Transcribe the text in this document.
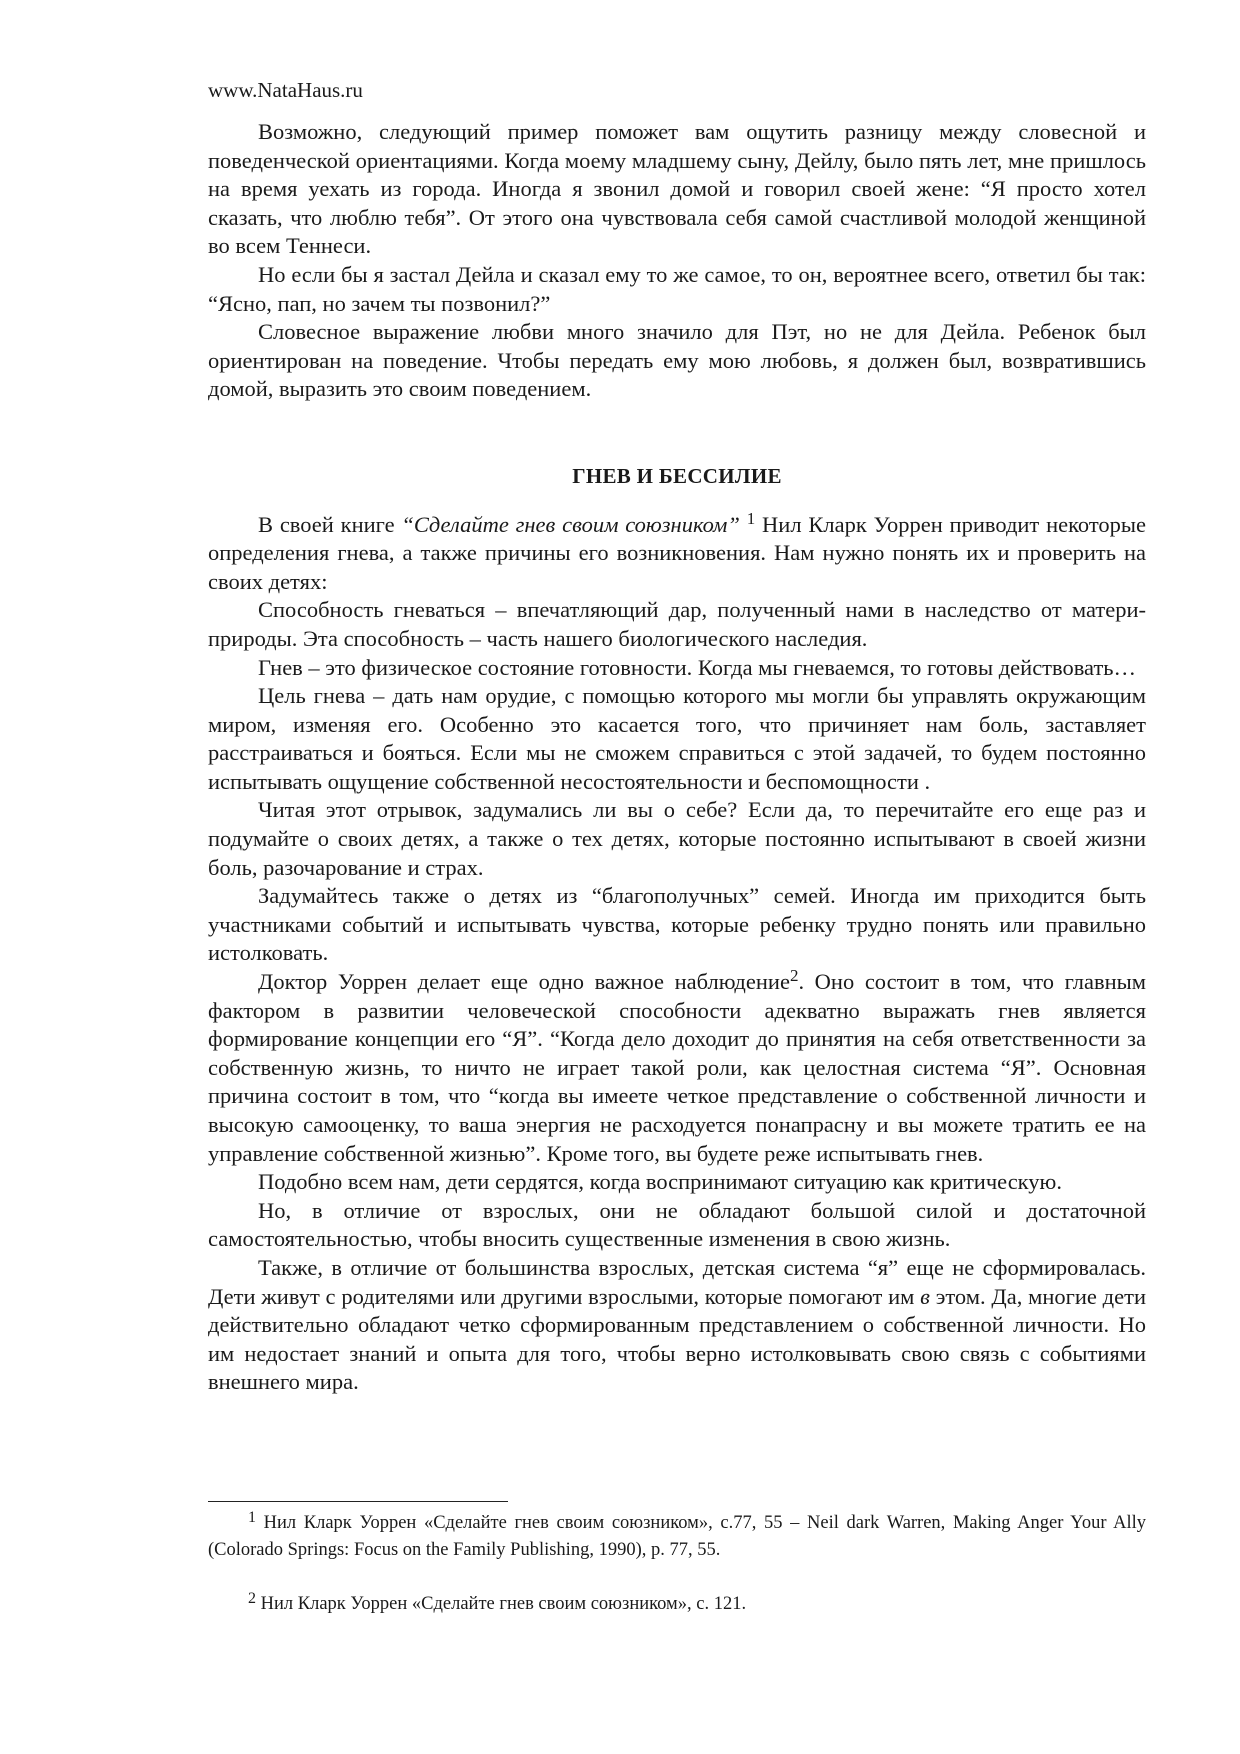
www.NataHaus.ru

Возможно, следующий пример поможет вам ощутить разницу между словесной и поведенческой ориентациями. Когда моему младшему сыну, Дейлу, было пять лет, мне пришлось на время уехать из города. Иногда я звонил домой и говорил своей жене: “Я просто хотел сказать, что люблю тебя”. От этого она чувствовала себя самой счастливой молодой женщиной во всем Теннеси.

Но если бы я застал Дейла и сказал ему то же самое, то он, вероятнее всего, ответил бы так: “Ясно, пап, но зачем ты позвонил?”

Словесное выражение любви много значило для Пэт, но не для Дейла. Ребенок был ориентирован на поведение. Чтобы передать ему мою любовь, я должен был, возвратившись домой, выразить это своим поведением.

ГНЕВ И БЕССИЛИЕ

В своей книге “Сделайте гнев своим союзником” $^1$ Нил Кларк Уоррен приводит некоторые определения гнева, а также причины его возникновения. Нам нужно понять их и проверить на своих детях:

Способность гневаться – впечатляющий дар, полученный нами в наследство от матери-природы. Эта способность – часть нашего биологического наследия.

Гнев – это физическое состояние готовности. Когда мы гневаемся, то готовы действовать…

Цель гнева – дать нам орудие, с помощью которого мы могли бы управлять окружающим миром, изменяя его. Особенно это касается того, что причиняет нам боль, заставляет расстраиваться и бояться. Если мы не сможем справиться с этой задачей, то будем постоянно испытывать ощущение собственной несостоятельности и беспомощности .

Читая этот отрывок, задумались ли вы о себе? Если да, то перечитайте его еще раз и подумайте о своих детях, а также о тех детях, которые постоянно испытывают в своей жизни боль, разочарование и страх.

Задумайтесь также о детях из “благополучных” семей. Иногда им приходится быть участниками событий и испытывать чувства, которые ребенку трудно понять или правильно истолковать.

Доктор Уоррен делает еще одно важное наблюдение$^2$. Оно состоит в том, что главным фактором в развитии человеческой способности адекватно выражать гнев является формирование концепции его “Я”. “Когда дело доходит до принятия на себя ответственности за собственную жизнь, то ничто не играет такой роли, как целостная система “Я”. Основная причина состоит в том, что “когда вы имеете четкое представление о собственной личности и высокую самооценку, то ваша энергия не расходуется понапрасну и вы можете тратить ее на управление собственной жизнью”. Кроме того, вы будете реже испытывать гнев.

Подобно всем нам, дети сердятся, когда воспринимают ситуацию как критическую.

Но, в отличие от взрослых, они не обладают большой силой и достаточной самостоятельностью, чтобы вносить существенные изменения в свою жизнь.

Также, в отличие от большинства взрослых, детская система “я” еще не сформировалась. Дети живут с родителями или другими взрослыми, которые помогают им в этом. Да, многие дети действительно обладают четко сформированным представлением о собственной личности. Но им недостает знаний и опыта для того, чтобы верно истолковывать свою связь с событиями внешнего мира.

$^1$ Нил Кларк Уоррен «Сделайте гнев своим союзником», с.77, 55 – Neil dark Warren, Making Anger Your Ally (Colorado Springs: Focus on the Family Publishing, 1990), p. 77, 55.

$^2$ Нил Кларк Уоррен «Сделайте гнев своим союзником», с. 121.
